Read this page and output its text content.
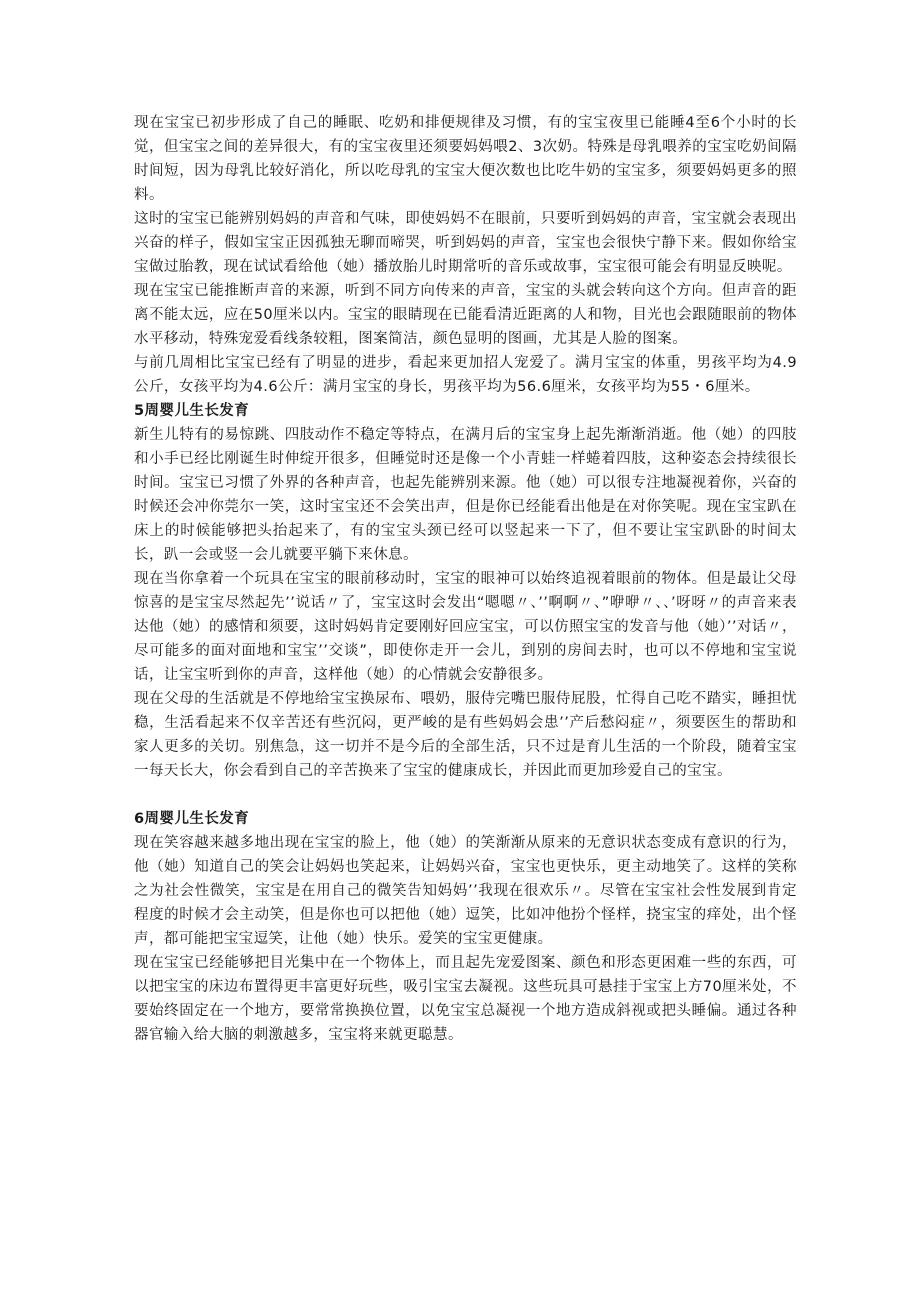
现在宝宝已初步形成了自己的睡眠、吃奶和排便规律及习惯，有的宝宝夜里已能睡4至6个小时的长觉，但宝宝之间的差异很大，有的宝宝夜里还须要妈妈喂2、3次奶。特殊是母乳喂养的宝宝吃奶间隔时间短，因为母乳比较好消化，所以吃母乳的宝宝大便次数也比吃牛奶的宝宝多，须要妈妈更多的照料。

这时的宝宝已能辨别妈妈的声音和气味，即使妈妈不在眼前，只要听到妈妈的声音，宝宝就会表现出兴奋的样子，假如宝宝正因孤独无聊而啼哭，听到妈妈的声音，宝宝也会很快宁静下来。假如你给宝宝做过胎教，现在试试看给他（她）播放胎儿时期常听的音乐或故事，宝宝很可能会有明显反映呢。

现在宝宝已能推断声音的来源，听到不同方向传来的声音，宝宝的头就会转向这个方向。但声音的距离不能太远，应在50厘米以内。宝宝的眼睛现在已能看清近距离的人和物，目光也会跟随眼前的物体水平移动，特殊宠爱看线条较粗，图案简洁，颜色显明的图画，尤其是人脸的图案。

与前几周相比宝宝已经有了明显的进步，看起来更加招人宠爱了。满月宝宝的体重，男孩平均为4.9公斤，女孩平均为4.6公斤：满月宝宝的身长，男孩平均为56.6厘米，女孩平均为55・6厘米。

5周婴儿生长发育

新生儿特有的易惊跳、四肢动作不稳定等特点，在满月后的宝宝身上起先渐渐消逝。他（她）的四肢和小手已经比刚诞生时伸绽开很多，但睡觉时还是像一个小青蛙一样蜷着四肢，这种姿态会持续很长时间。宝宝已习惯了外界的各种声音，也起先能辨别来源。他（她）可以很专注地凝视着你，兴奋的时候还会冲你莞尔一笑，这时宝宝还不会笑出声，但是你已经能看出他是在对你笑呢。现在宝宝趴在床上的时候能够把头抬起来了，有的宝宝头颈已经可以竖起来一下了，但不要让宝宝趴卧的时间太长，趴一会或竖一会儿就要平躺下来休息。

现在当你拿着一个玩具在宝宝的眼前移动时，宝宝的眼神可以始终追视着眼前的物体。但是最让父母惊喜的是宝宝尽然起先’’说话〃了，宝宝这时会发出“嗯嗯〃、’’啊啊〃、”咿咿〃、、’呀呀〃的声音来表达他（她）的感情和须要，这时妈妈肯定要刚好回应宝宝，可以仿照宝宝的发音与他（她）’’对话〃，尽可能多的面对面地和宝宝’’交谈”，即使你走开一会儿，到别的房间去时，也可以不停地和宝宝说话，让宝宝听到你的声音，这样他（她）的心情就会安静很多。

现在父母的生活就是不停地给宝宝换尿布、喂奶，服侍完嘴巴服侍屁股，忙得自己吃不踏实，睡担忧稳，生活看起来不仅辛苦还有些沉闷，更严峻的是有些妈妈会患’’产后愁闷症〃，须要医生的帮助和家人更多的关切。别焦急，这一切并不是今后的全部生活，只不过是育儿生活的一个阶段，随着宝宝一每天长大，你会看到自己的辛苦换来了宝宝的健康成长，并因此而更加珍爱自己的宝宝。

6周婴儿生长发育

现在笑容越来越多地出现在宝宝的脸上，他（她）的笑渐渐从原来的无意识状态变成有意识的行为，他（她）知道自己的笑会让妈妈也笑起来，让妈妈兴奋，宝宝也更快乐，更主动地笑了。这样的笑称之为社会性微笑，宝宝是在用自己的微笑告知妈妈’’我现在很欢乐〃。尽管在宝宝社会性发展到肯定程度的时候才会主动笑，但是你也可以把他（她）逗笑，比如冲他扮个怪样，挠宝宝的痒处，出个怪声，都可能把宝宝逗笑，让他（她）快乐。爱笑的宝宝更健康。

现在宝宝已经能够把目光集中在一个物体上，而且起先宠爱图案、颜色和形态更困难一些的东西，可以把宝宝的床边布置得更丰富更好玩些，吸引宝宝去凝视。这些玩具可悬挂于宝宝上方70厘米处，不要始终固定在一个地方，要常常换换位置，以免宝宝总凝视一个地方造成斜视或把头睡偏。通过各种器官输入给大脑的刺激越多，宝宝将来就更聪慧。
